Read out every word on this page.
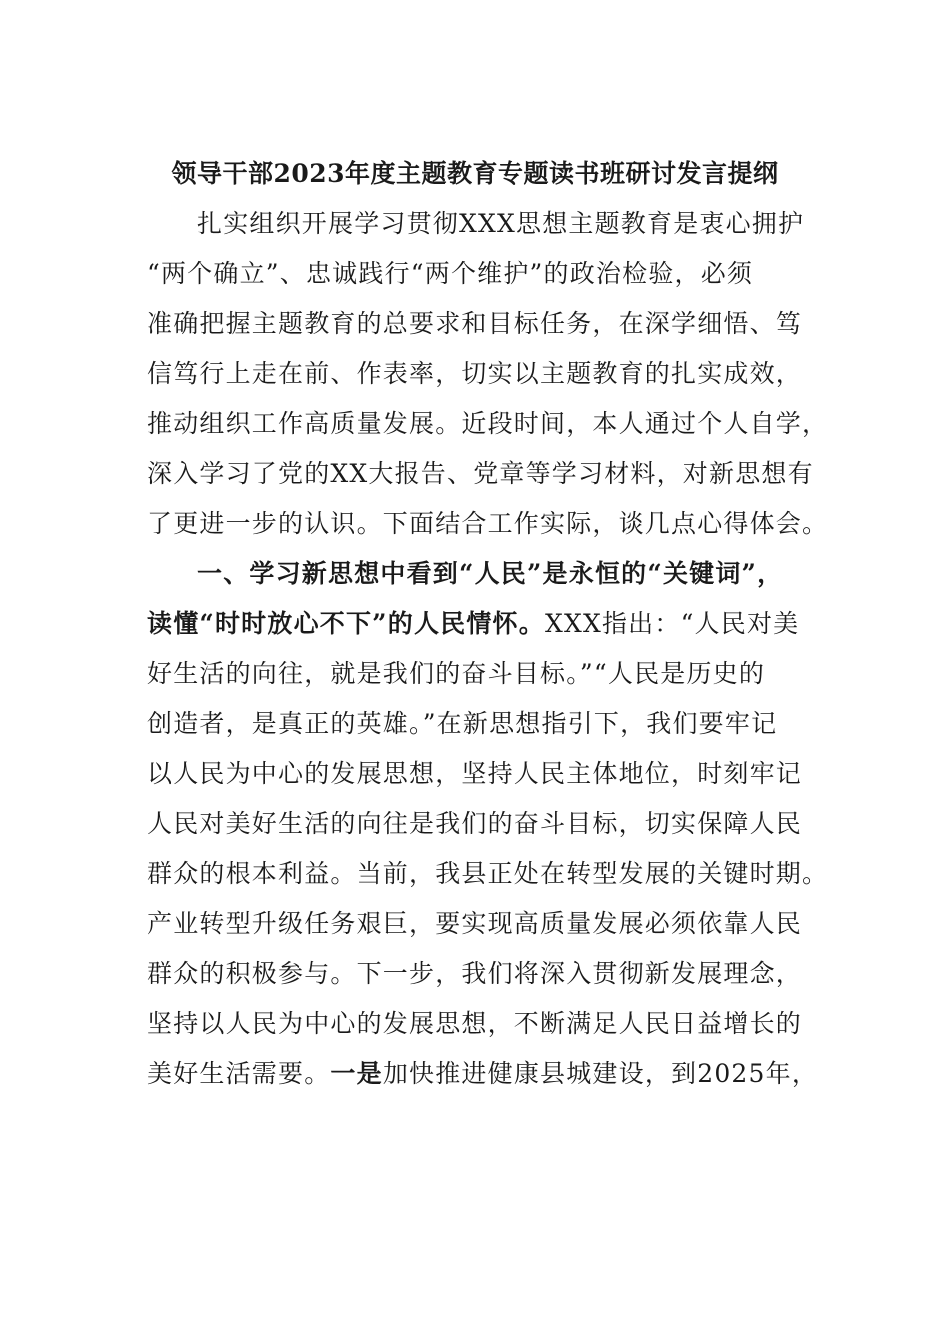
领导干部2023年度主题教育专题读书班研讨发言提纲
扎实组织开展学习贯彻XXX思想主题教育是衷心拥护
“两个确立”、忠诚践行“两个维护”的政治检验，必须
准确把握主题教育的总要求和目标任务，在深学细悟、笃
信笃行上走在前、作表率，切实以主题教育的扎实成效，
推动组织工作高质量发展。近段时间，本人通过个人自学，
深入学习了党的XX大报告、党章等学习材料，对新思想有
了更进一步的认识。下面结合工作实际，谈几点心得体会。
一、学习新思想中看到“人民”是永恒的“关键词”，
读懂“时时放心不下”的人民情怀。XXX指出：“人民对美
好生活的向往，就是我们的奋斗目标。”“人民是历史的
创造者，是真正的英雄。”在新思想指引下，我们要牢记
以人民为中心的发展思想，坚持人民主体地位，时刻牢记
人民对美好生活的向往是我们的奋斗目标，切实保障人民
群众的根本利益。当前，我县正处在转型发展的关键时期。
产业转型升级任务艰巨，要实现高质量发展必须依靠人民
群众的积极参与。下一步，我们将深入贯彻新发展理念，
坚持以人民为中心的发展思想，不断满足人民日益增长的
美好生活需要。一是加快推进健康县城建设，到2025年，
